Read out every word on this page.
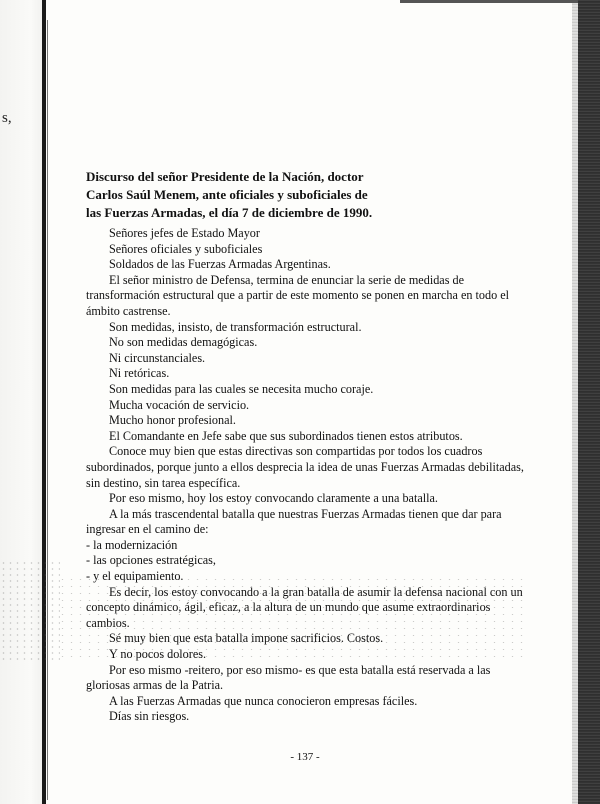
s,
Discurso del señor Presidente de la Nación, doctor Carlos Saúl Menem, ante oficiales y suboficiales de las Fuerzas Armadas, el día 7 de diciembre de 1990.

Señores jefes de Estado Mayor

Señores oficiales y suboficiales

Soldados de las Fuerzas Armadas Argentinas.

El señor ministro de Defensa, termina de enunciar la serie de medidas de transformación estructural que a partir de este momento se ponen en marcha en todo el ámbito castrense.

Son medidas, insisto, de transformación estructural.

No son medidas demagógicas.

Ni circunstanciales.

Ni retóricas.

Son medidas para las cuales se necesita mucho coraje.

Mucha vocación de servicio.

Mucho honor profesional.

El Comandante en Jefe sabe que sus subordinados tienen estos atributos.

Conoce muy bien que estas directivas son compartidas por todos los cuadros subordinados, porque junto a ellos desprecia la idea de unas Fuerzas Armadas debilitadas, sin destino, sin tarea específica.

Por eso mismo, hoy los estoy convocando claramente a una batalla.

A la más trascendental batalla que nuestras Fuerzas Armadas tienen que dar para ingresar en el camino de:

- la modernización

- las opciones estratégicas,

- y el equipamiento.

Es decir, los estoy convocando a la gran batalla de asumir la defensa nacional con un concepto dinámico, ágil, eficaz, a la altura de un mundo que asume extraordinarios cambios.

Sé muy bien que esta batalla impone sacrificios. Costos.

Y no pocos dolores.

Por eso mismo -reitero, por eso mismo- es que esta batalla está reservada a las gloriosas armas de la Patria.

A las Fuerzas Armadas que nunca conocieron empresas fáciles.

Días sin riesgos.

- 137 -
